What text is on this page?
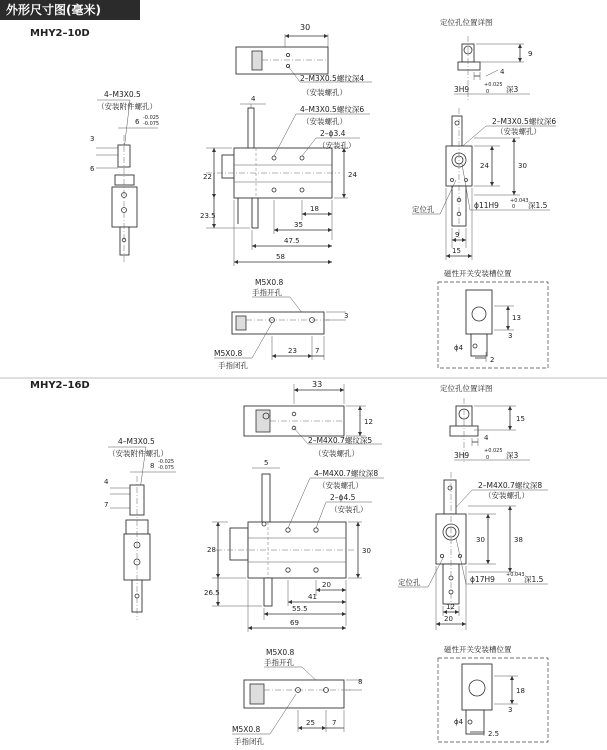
外形尺寸图(毫米)
MHY2–10D
30
2–M3X0.5螺纹深4
（安装螺孔）
4–M3X0.5
（安装附件螺孔）
6 -0.025
-0.075
3
6
4
4–M3X0.5螺纹深6
（安装螺孔）
2–ϕ3.4
（安装孔）
22	24
23.5
18
35
47.5
58
定位孔位置详图
9
4
3H9	+0.025
0 深3
2–M3X0.5螺纹深6
（安装螺孔）
24	30
定位孔	ϕ11H9 +0.043
0 深1.5
9
15
磁性开关安装槽位置
13
3
ϕ4
2
M5X0.8
手指开孔
3
M5X0.8
手指闭孔
23	7
MHY2–16D	33
12
2–M4X0.7螺纹深5
（安装螺孔）
4–M3X0.5
（安装附件螺孔）
8 -0.025
-0.075
4
7
5
4–M4X0.7螺纹深8
（安装螺孔）
2–ϕ4.5
（安装孔）
28	30
26.5
20
41
55.5
69
定位孔位置详图
15
4
3H9	+0.025
0 深3
2–M4X0.7螺纹深8
（安装螺孔）
30	38
定位孔	ϕ17H9 +0.043
0 深1.5
12
20
磁性开关安装槽位置
18
3
ϕ4
2.5
M5X0.8
手指开孔
8
M5X0.8
手指闭孔
25 7
